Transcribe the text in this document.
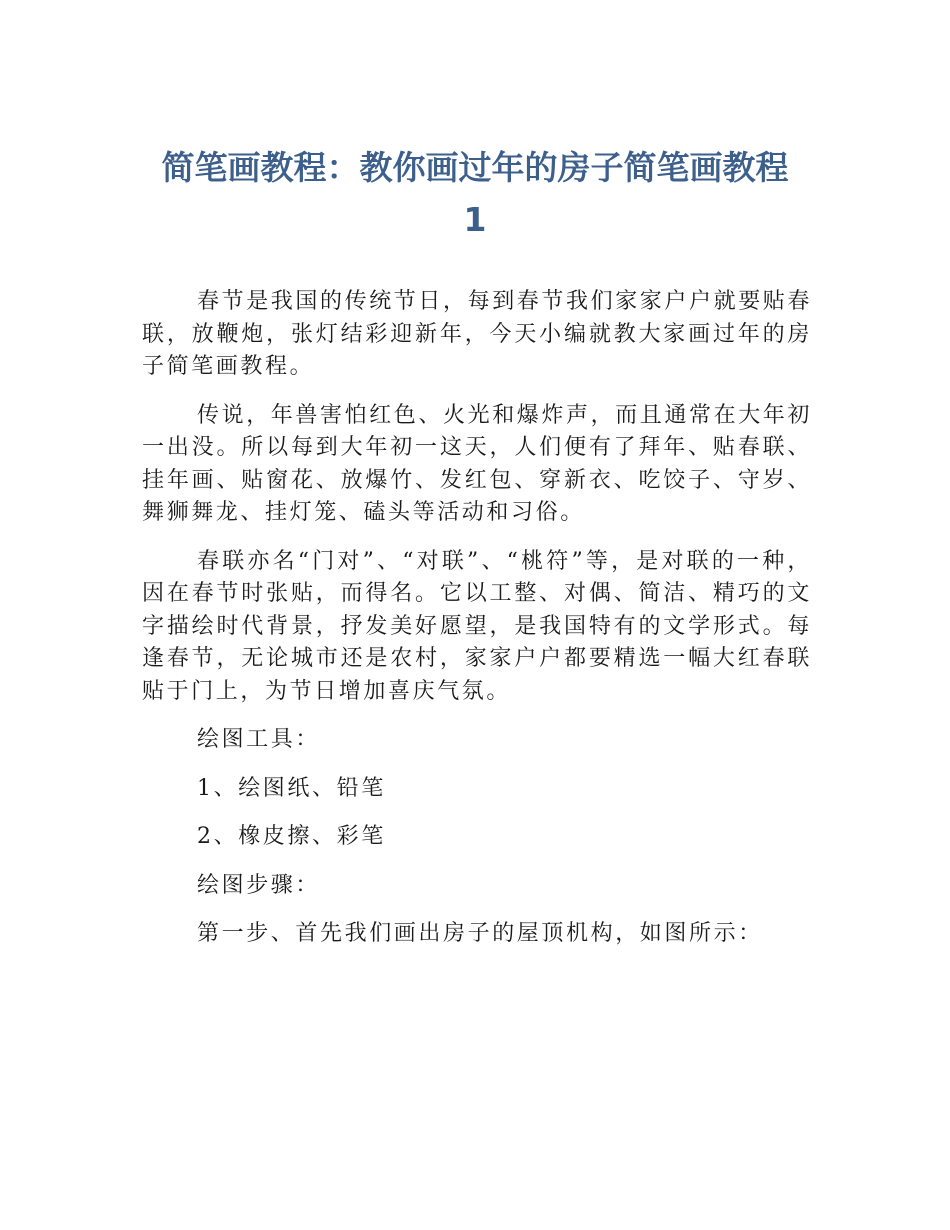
简笔画教程：教你画过年的房子简笔画教程
1

春节是我国的传统节日，每到春节我们家家户户就要贴春联，放鞭炮，张灯结彩迎新年，今天小编就教大家画过年的房子简笔画教程。

传说，年兽害怕红色、火光和爆炸声，而且通常在大年初一出没。所以每到大年初一这天，人们便有了拜年、贴春联、挂年画、贴窗花、放爆竹、发红包、穿新衣、吃饺子、守岁、舞狮舞龙、挂灯笼、磕头等活动和习俗。

春联亦名“门对”、“对联”、“桃符”等，是对联的一种，因在春节时张贴，而得名。它以工整、对偶、简洁、精巧的文字描绘时代背景，抒发美好愿望，是我国特有的文学形式。每逢春节，无论城市还是农村，家家户户都要精选一幅大红春联贴于门上，为节日增加喜庆气氛。

绘图工具：

1、绘图纸、铅笔

2、橡皮擦、彩笔

绘图步骤：

第一步、首先我们画出房子的屋顶机构，如图所示：
